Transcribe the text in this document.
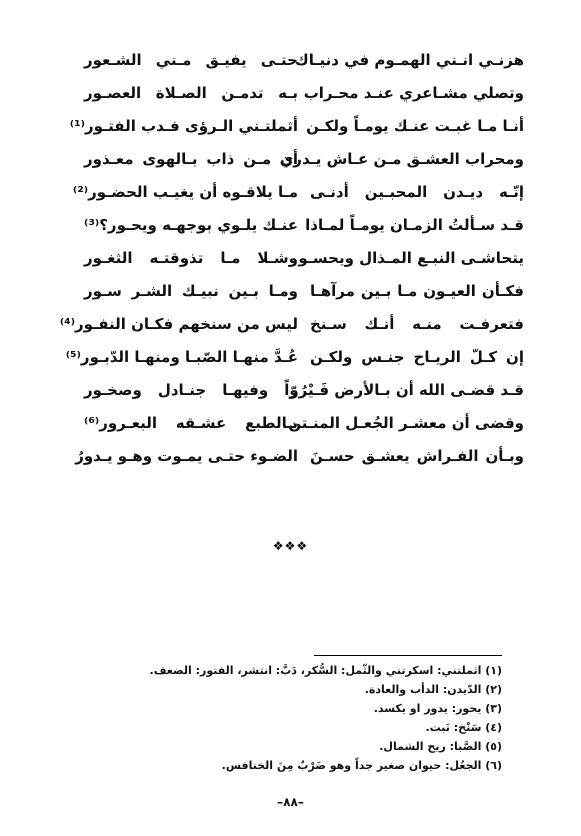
هزنـي انـني الهمـوم في دنيـاك
حتـى يفيـق مـني الشـعور
وتصلي مشـاعري عنـد محـراب
بـه تدمـن الصـلاة العصـور
أنـا مـا غبـت عنـك يومـاً ولكـن
أثملتـني الـرؤى فـدب الفتـور⁽¹⁾
ومحراب العشـق مـن عـاش يـدري
أن مـن ذاب بـالهوى معـذور
إنّـه ديـدن المحبـين أدنـى
مـا يلاقـوه أن يغيـب الحضـور⁽²⁾
قـد سـألتُ الزمـان يومـاً لمـاذا
عنـك يلـوي بوجهـه ويحـور؟⁽³⁾
يتحاشـى النبـع المـذال ويحسـو
وشـلا مـا تذوقتـه الثغـور
فكـأن العيـون مـا بـين مرآهـا
ومـا بـين نبيـك الشـر سـور
فتعرفـت منـه أنـك سـنخ
ليس من سنخهم فكـان النفـور⁽⁴⁾
إن كـلّ الريـاح جنـس ولكـن
عُـدَّ منهـا الصّبـا ومنهـا الدّبـور⁽⁵⁾
قـد قضـى الله أن بـالأرض فَـيْرُوّ
زاً وفيهـا جنـادل وصخـور
وقضى أن معشـر الجُعـل المنـتن
بـالطبع عشـقه البعـرور⁽⁶⁾
وبـأن الفـراش يعشـق حسـنَ
الضـوء حتـى يمـوت وهـو يـدورُ
❖❖❖
(١) اثملتني: اسكرتني والثّمل: السُّكر، دَبَّ: انتشر، الفتور: الضعف.
(٢) الدّيدن: الدأب والعادة.
(٣) يحور: يدور او يكسد.
(٤) سَنْخ: نَبت.
(٥) الصَّبا: ريح الشمال.
(٦) الجعُل: حيوان صغير جداً وهو ضَرْبٌ مِنَ الخنافس.
–٨٨–
